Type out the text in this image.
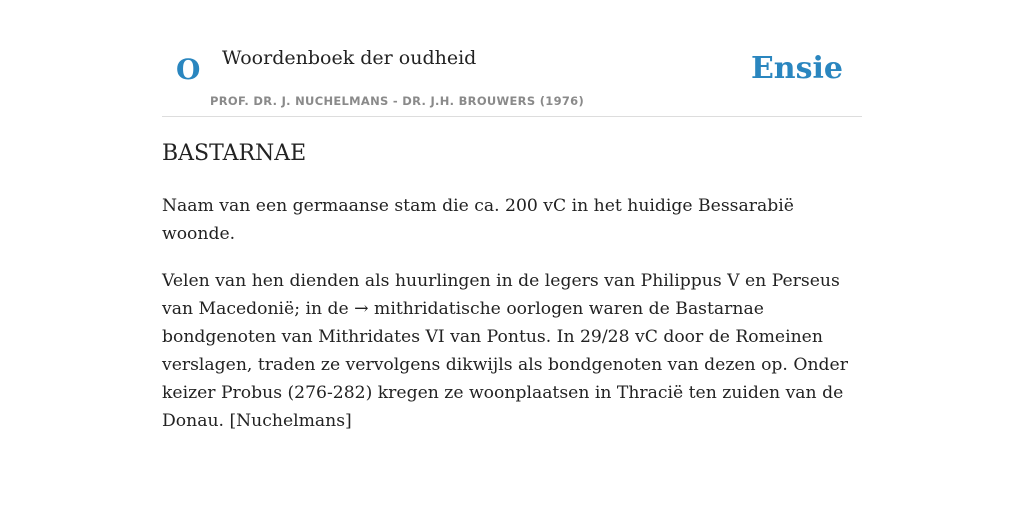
O Woordenboek der oudheid
PROF. DR. J. NUCHELMANS - DR. J.H. BROUWERS (1976)
Ensie
BASTARNAE

Naam van een germaanse stam die ca. 200 vC in het huidige Bessarabië woonde.

Velen van hen dienden als huurlingen in de legers van Philippus V en Perseus van Macedonië; in de → mithridatische oorlogen waren de Bastarnae bondgenoten van Mithridates VI van Pontus. In 29/28 vC door de Romeinen verslagen, traden ze vervolgens dikwijls als bondgenoten van dezen op. Onder keizer Probus (276-282) kregen ze woonplaatsen in Thracië ten zuiden van de Donau. [Nuchelmans]
